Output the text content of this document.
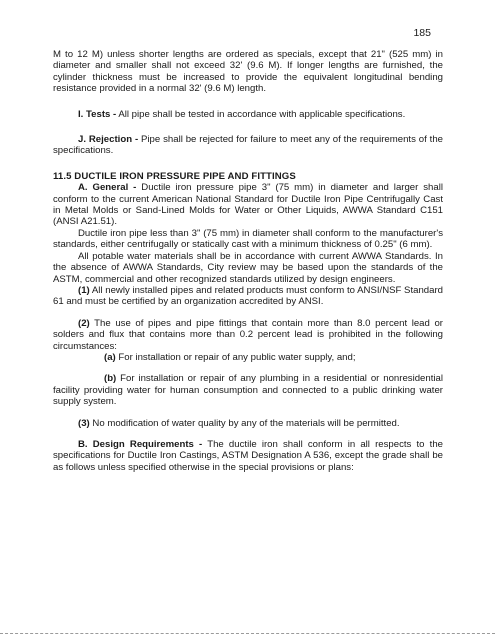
185

M to 12 M) unless shorter lengths are ordered as specials, except that 21" (525 mm) in diameter and smaller shall not exceed 32' (9.6 M). If longer lengths are furnished, the cylinder thickness must be increased to provide the equivalent longitudinal bending resistance provided in a normal 32' (9.6 M) length.

I. Tests - All pipe shall be tested in accordance with applicable specifications.

J. Rejection - Pipe shall be rejected for failure to meet any of the requirements of the specifications.

11.5 DUCTILE IRON PRESSURE PIPE AND FITTINGS

A. General - Ductile iron pressure pipe 3" (75 mm) in diameter and larger shall conform to the current American National Standard for Ductile Iron Pipe Centrifugally Cast in Metal Molds or Sand-Lined Molds for Water or Other Liquids, AWWA Standard C151 (ANSI A21.51).

Ductile iron pipe less than 3" (75 mm) in diameter shall conform to the manufacturer's standards, either centrifugally or statically cast with a minimum thickness of 0.25" (6 mm).

All potable water materials shall be in accordance with current AWWA Standards. In the absence of AWWA Standards, City review may be based upon the standards of the ASTM, commercial and other recognized standards utilized by design engineers.

(1) All newly installed pipes and related products must conform to ANSI/NSF Standard 61 and must be certified by an organization accredited by ANSI.

(2) The use of pipes and pipe fittings that contain more than 8.0 percent lead or solders and flux that contains more than 0.2 percent lead is prohibited in the following circumstances:

(a) For installation or repair of any public water supply, and;

(b) For installation or repair of any plumbing in a residential or nonresidential facility providing water for human consumption and connected to a public drinking water supply system.

(3) No modification of water quality by any of the materials will be permitted.

B. Design Requirements - The ductile iron shall conform in all respects to the specifications for Ductile Iron Castings, ASTM Designation A 536, except the grade shall be as follows unless specified otherwise in the special provisions or plans:
